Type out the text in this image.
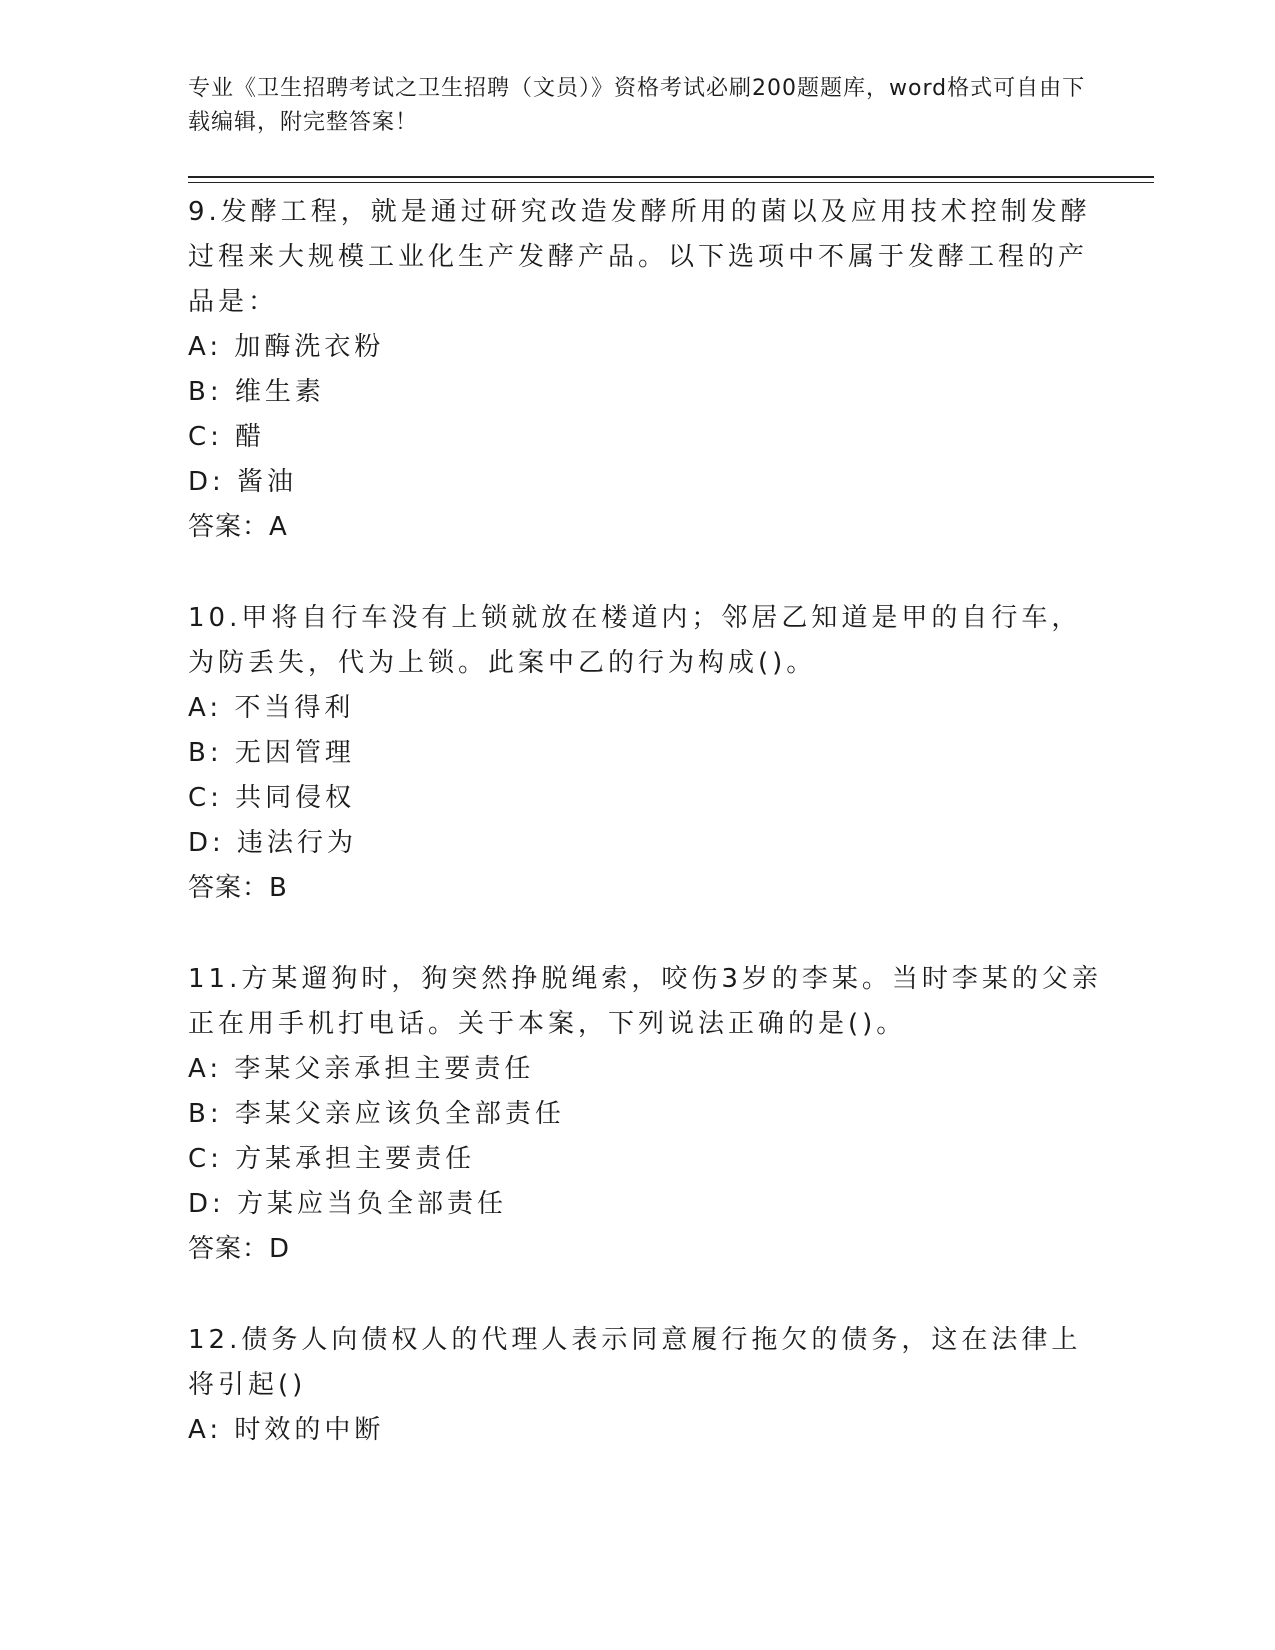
专业《卫生招聘考试之卫生招聘（文员）》资格考试必刷200题题库，word格式可自由下载编辑，附完整答案！
9.发酵工程，就是通过研究改造发酵所用的菌以及应用技术控制发酵过程来大规模工业化生产发酵产品。以下选项中不属于发酵工程的产品是：
A: 加酶洗衣粉
B: 维生素
C: 醋
D: 酱油
答案：A
10.甲将自行车没有上锁就放在楼道内；邻居乙知道是甲的自行车，为防丢失，代为上锁。此案中乙的行为构成()。
A: 不当得利
B: 无因管理
C: 共同侵权
D: 违法行为
答案：B
11.方某遛狗时，狗突然挣脱绳索，咬伤3岁的李某。当时李某的父亲正在用手机打电话。关于本案，下列说法正确的是()。
A: 李某父亲承担主要责任
B: 李某父亲应该负全部责任
C: 方某承担主要责任
D: 方某应当负全部责任
答案：D
12.债务人向债权人的代理人表示同意履行拖欠的债务，这在法律上将引起()
A: 时效的中断
